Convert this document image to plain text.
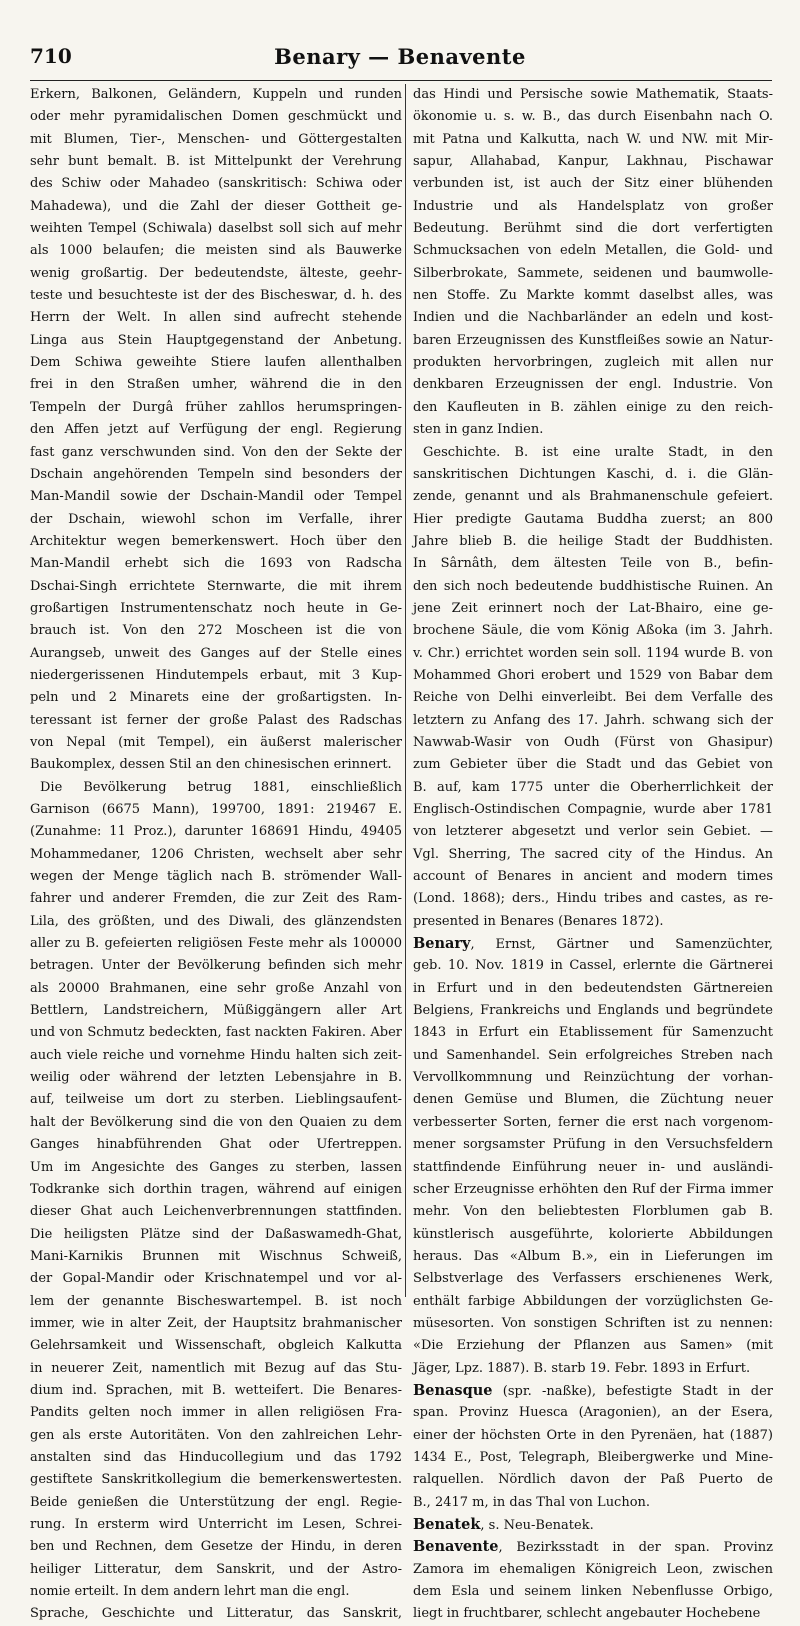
710	Benary — Benavente
Erkern, Balkonen, Geländern, Kuppeln und runden
oder mehr pyramidalischen Domen geschmückt und
mit Blumen, Tier-, Menschen- und Göttergestalten
sehr bunt bemalt. B. ist Mittelpunkt der Verehrung
des Schiw oder Mahadeo (sanskritisch: Schiwa oder
Mahadewa), und die Zahl der dieser Gottheit ge-
weihten Tempel (Schiwala) daselbst soll sich auf mehr
als 1000 belaufen; die meisten sind als Bauwerke
wenig großartig. Der bedeutendste, älteste, geehr-
teste und besuchteste ist der des Bischeswar, d. h. des
Herrn der Welt. In allen sind aufrecht stehende
Linga aus Stein Hauptgegenstand der Anbetung.
Dem Schiwa geweihte Stiere laufen allenthalben
frei in den Straßen umher, während die in den
Tempeln der Durgâ früher zahllos herumspringen-
den Affen jetzt auf Verfügung der engl. Regierung
fast ganz verschwunden sind. Von den der Sekte der
Dschain angehörenden Tempeln sind besonders der
Man-Mandil sowie der Dschain-Mandil oder Tempel
der Dschain, wiewohl schon im Verfalle, ihrer
Architektur wegen bemerkenswert. Hoch über den
Man-Mandil erhebt sich die 1693 von Radscha
Dschai-Singh errichtete Sternwarte, die mit ihrem
großartigen Instrumentenschatz noch heute in Ge-
brauch ist. Von den 272 Moscheen ist die von
Aurangseb, unweit des Ganges auf der Stelle eines
niedergerissenen Hindutempels erbaut, mit 3 Kup-
peln und 2 Minarets eine der großartigsten. In-
teressant ist ferner der große Palast des Radschas
von Nepal (mit Tempel), ein äußerst malerischer
Baukomplex, dessen Stil an den chinesischen erinnert.
Die Bevölkerung betrug 1881, einschließlich
Garnison (6675 Mann), 199700, 1891: 219467 E.
(Zunahme: 11 Proz.), darunter 168691 Hindu, 49405
Mohammedaner, 1206 Christen, wechselt aber sehr
wegen der Menge täglich nach B. strömender Wall-
fahrer und anderer Fremden, die zur Zeit des Ram-
Lila, des größten, und des Diwali, des glänzendsten
aller zu B. gefeierten religiösen Feste mehr als 100000
betragen. Unter der Bevölkerung befinden sich mehr
als 20000 Brahmanen, eine sehr große Anzahl von
Bettlern, Landstreichern, Müßiggängern aller Art
und von Schmutz bedeckten, fast nackten Fakiren. Aber
auch viele reiche und vornehme Hindu halten sich zeit-
weilig oder während der letzten Lebensjahre in B.
auf, teilweise um dort zu sterben. Lieblingsaufent-
halt der Bevölkerung sind die von den Quaien zu dem
Ganges hinabführenden Ghat oder Ufertreppen.
Um im Angesichte des Ganges zu sterben, lassen
Todkranke sich dorthin tragen, während auf einigen
dieser Ghat auch Leichenverbrennungen stattfinden.
Die heiligsten Plätze sind der Daßaswamedh-Ghat,
Mani-Karnikis Brunnen mit Wischnus Schweiß,
der Gopal-Mandir oder Krischnatempel und vor al-
lem der genannte Bischeswartempel. B. ist noch
immer, wie in alter Zeit, der Hauptsitz brahmanischer
Gelehrsamkeit und Wissenschaft, obgleich Kalkutta
in neuerer Zeit, namentlich mit Bezug auf das Stu-
dium ind. Sprachen, mit B. wetteifert. Die Benares-
Pandits gelten noch immer in allen religiösen Fra-
gen als erste Autoritäten. Von den zahlreichen Lehr-
anstalten sind das Hinducollegium und das 1792
gestiftete Sanskritkollegium die bemerkenswertesten.
Beide genießen die Unterstützung der engl. Regie-
rung. In ersterm wird Unterricht im Lesen, Schrei-
ben und Rechnen, dem Gesetze der Hindu, in deren
heiliger Litteratur, dem Sanskrit, und der Astro-
nomie erteilt. In dem andern lehrt man die engl.
Sprache, Geschichte und Litteratur, das Sanskrit,
das Hindi und Persische sowie Mathematik, Staats-
ökonomie u. s. w. B., das durch Eisenbahn nach O.
mit Patna und Kalkutta, nach W. und NW. mit Mir-
sapur, Allahabad, Kanpur, Lakhnau, Pischawar
verbunden ist, ist auch der Sitz einer blühenden
Industrie und als Handelsplatz von großer
Bedeutung. Berühmt sind die dort verfertigten
Schmucksachen von edeln Metallen, die Gold- und
Silberbrokate, Sammete, seidenen und baumwolle-
nen Stoffe. Zu Markte kommt daselbst alles, was
Indien und die Nachbarländer an edeln und kost-
baren Erzeugnissen des Kunstfleißes sowie an Natur-
produkten hervorbringen, zugleich mit allen nur
denkbaren Erzeugnissen der engl. Industrie. Von
den Kaufleuten in B. zählen einige zu den reich-
sten in ganz Indien.
Geschichte. B. ist eine uralte Stadt, in den
sanskritischen Dichtungen Kaschi, d. i. die Glän-
zende, genannt und als Brahmanenschule gefeiert.
Hier predigte Gautama Buddha zuerst; an 800
Jahre blieb B. die heilige Stadt der Buddhisten.
In Sârnâth, dem ältesten Teile von B., befin-
den sich noch bedeutende buddhistische Ruinen. An
jene Zeit erinnert noch der Lat-Bhairo, eine ge-
brochene Säule, die vom König Aßoka (im 3. Jahrh.
v. Chr.) errichtet worden sein soll. 1194 wurde B. von
Mohammed Ghori erobert und 1529 von Babar dem
Reiche von Delhi einverleibt. Bei dem Verfalle des
letztern zu Anfang des 17. Jahrh. schwang sich der
Nawwab-Wasir von Oudh (Fürst von Ghasipur)
zum Gebieter über die Stadt und das Gebiet von
B. auf, kam 1775 unter die Oberherrlichkeit der
Englisch-Ostindischen Compagnie, wurde aber 1781
von letzterer abgesetzt und verlor sein Gebiet. —
Vgl. Sherring, The sacred city of the Hindus. An
account of Benares in ancient and modern times
(Lond. 1868); ders., Hindu tribes and castes, as re-
presented in Benares (Benares 1872).
Benary, Ernst, Gärtner und Samenzüchter,
geb. 10. Nov. 1819 in Cassel, erlernte die Gärtnerei
in Erfurt und in den bedeutendsten Gärtnereien
Belgiens, Frankreichs und Englands und begründete
1843 in Erfurt ein Etablissement für Samenzucht
und Samenhandel. Sein erfolgreiches Streben nach
Vervollkommnung und Reinzüchtung der vorhan-
denen Gemüse und Blumen, die Züchtung neuer
verbesserter Sorten, ferner die erst nach vorgenom-
mener sorgsamster Prüfung in den Versuchsfeldern
stattfindende Einführung neuer in- und ausländi-
scher Erzeugnisse erhöhten den Ruf der Firma immer
mehr. Von den beliebtesten Florblumen gab B.
künstlerisch ausgeführte, kolorierte Abbildungen
heraus. Das «Album B.», ein in Lieferungen im
Selbstverlage des Verfassers erschienenes Werk,
enthält farbige Abbildungen der vorzüglichsten Ge-
müsesorten. Von sonstigen Schriften ist zu nennen:
«Die Erziehung der Pflanzen aus Samen» (mit
Jäger, Lpz. 1887). B. starb 19. Febr. 1893 in Erfurt.
Benasque (spr. -naßke), befestigte Stadt in der
span. Provinz Huesca (Aragonien), an der Esera,
einer der höchsten Orte in den Pyrenäen, hat (1887)
1434 E., Post, Telegraph, Bleibergwerke und Mine-
ralquellen. Nördlich davon der Paß Puerto de
B., 2417 m, in das Thal von Luchon.
Benatek, s. Neu-Benatek.
Benavente, Bezirksstadt in der span. Provinz
Zamora im ehemaligen Königreich Leon, zwischen
dem Esla und seinem linken Nebenflusse Orbigo,
liegt in fruchtbarer, schlecht angebauter Hochebene
